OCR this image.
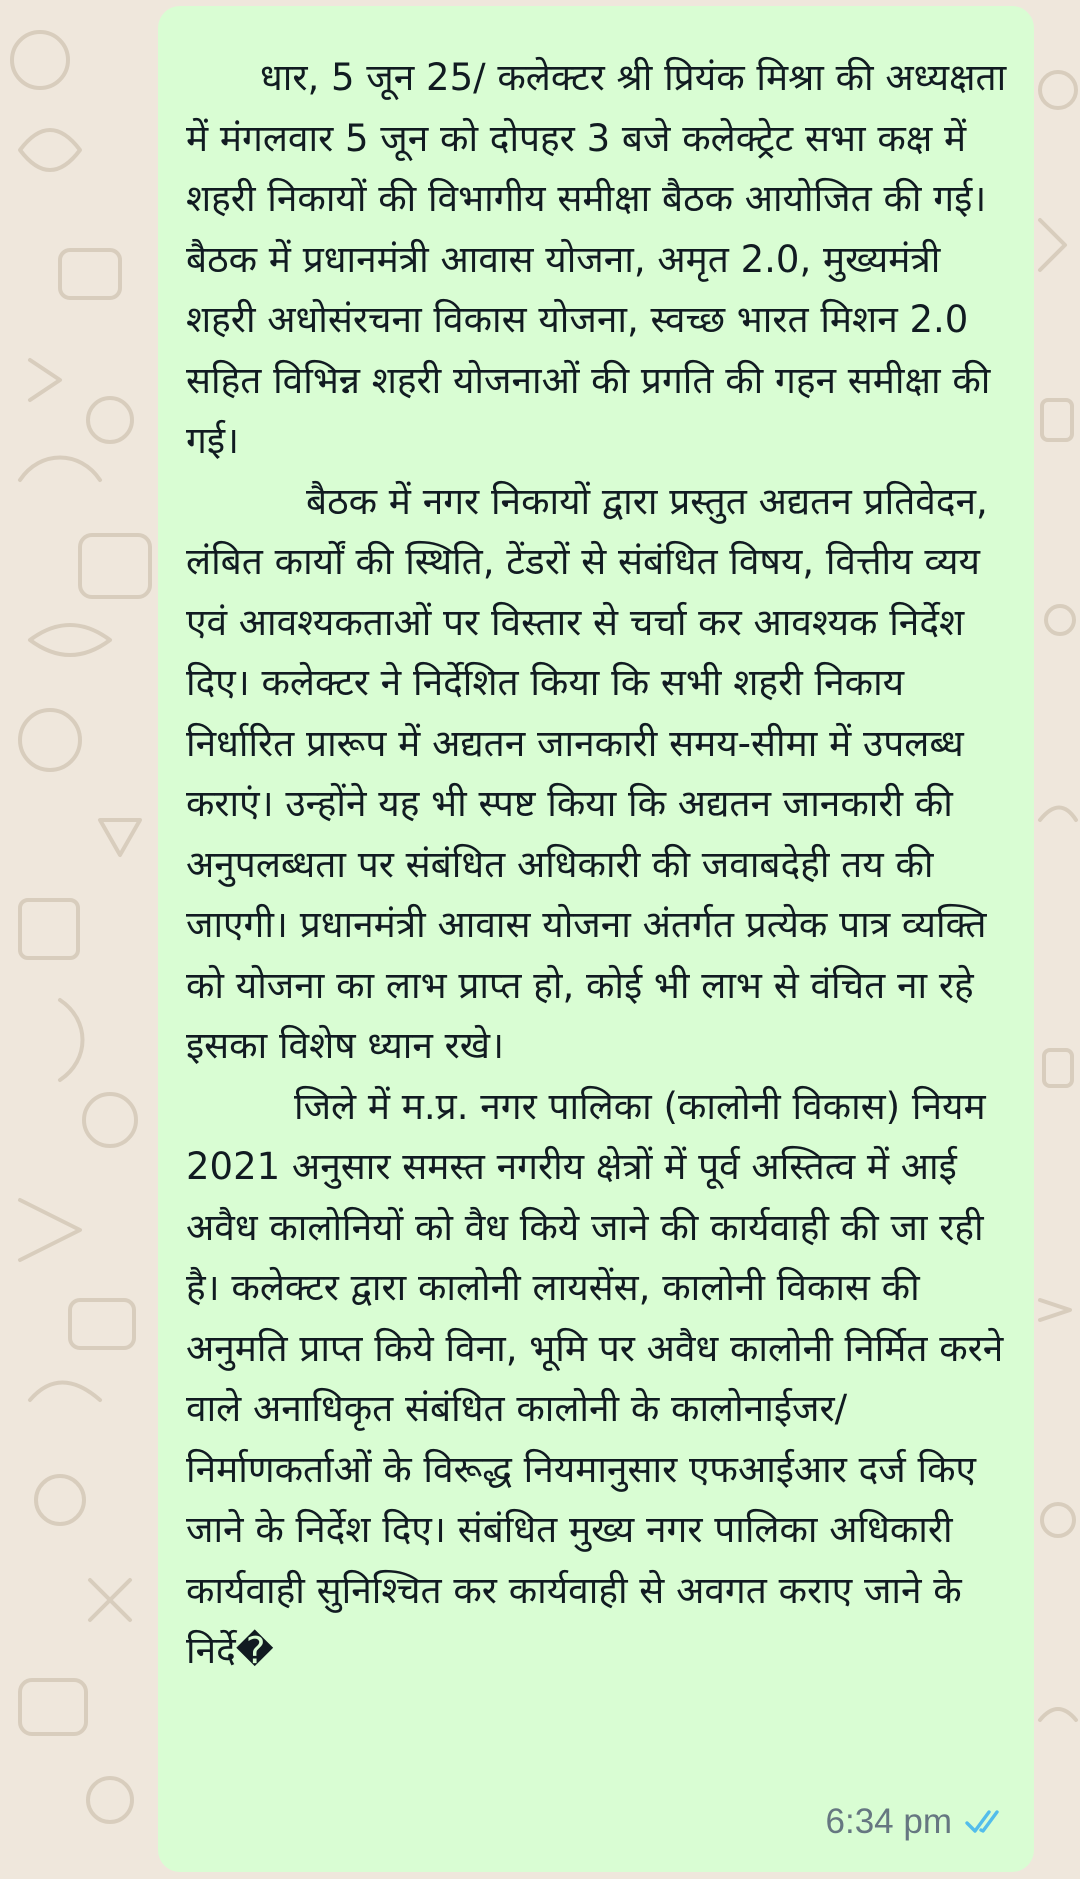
धार, 5 जून 25/ कलेक्टर श्री प्रियंक मिश्रा की अध्यक्षता में मंगलवार 5 जून को दोपहर 3 बजे कलेक्ट्रेट सभा कक्ष में शहरी निकायों की विभागीय समीक्षा बैठक आयोजित की गई। बैठक में प्रधानमंत्री आवास योजना, अमृत 2.0, मुख्यमंत्री शहरी अधोसंरचना विकास योजना, स्वच्छ भारत मिशन 2.0 सहित विभिन्न शहरी योजनाओं की प्रगति की गहन समीक्षा की गई।

बैठक में नगर निकायों द्वारा प्रस्तुत अद्यतन प्रतिवेदन, लंबित कार्यों की स्थिति, टेंडरों से संबंधित विषय, वित्तीय व्यय एवं आवश्यकताओं पर विस्तार से चर्चा कर आवश्यक निर्देश दिए। कलेक्टर ने निर्देशित किया कि सभी शहरी निकाय निर्धारित प्रारूप में अद्यतन जानकारी समय-सीमा में उपलब्ध कराएं। उन्होंने यह भी स्पष्ट किया कि अद्यतन जानकारी की अनुपलब्धता पर संबंधित अधिकारी की जवाबदेही तय की जाएगी। प्रधानमंत्री आवास योजना अंतर्गत प्रत्येक पात्र व्यक्ति को योजना का लाभ प्राप्त हो, कोई भी लाभ से वंचित ना रहे इसका विशेष ध्यान रखे।

जिले में म.प्र. नगर पालिका (कालोनी विकास) नियम 2021 अनुसार समस्त नगरीय क्षेत्रों में पूर्व अस्तित्व में आई अवैध कालोनियों को वैध किये जाने की कार्यवाही की जा रही है। कलेक्टर द्वारा कालोनी लायसेंस, कालोनी विकास की अनुमति प्राप्त किये विना, भूमि पर अवैध कालोनी निर्मित करने वाले अनाधिकृत संबंधित कालोनी के कालोनाईजर/ निर्माणकर्ताओं के विरूद्ध नियमानुसार एफआईआर दर्ज किए जाने के निर्देश दिए। संबंधित मुख्य नगर पालिका अधिकारी कार्यवाही सुनिश्चित कर कार्यवाही से अवगत कराए जाने के निर्दे�

6:34 pm
